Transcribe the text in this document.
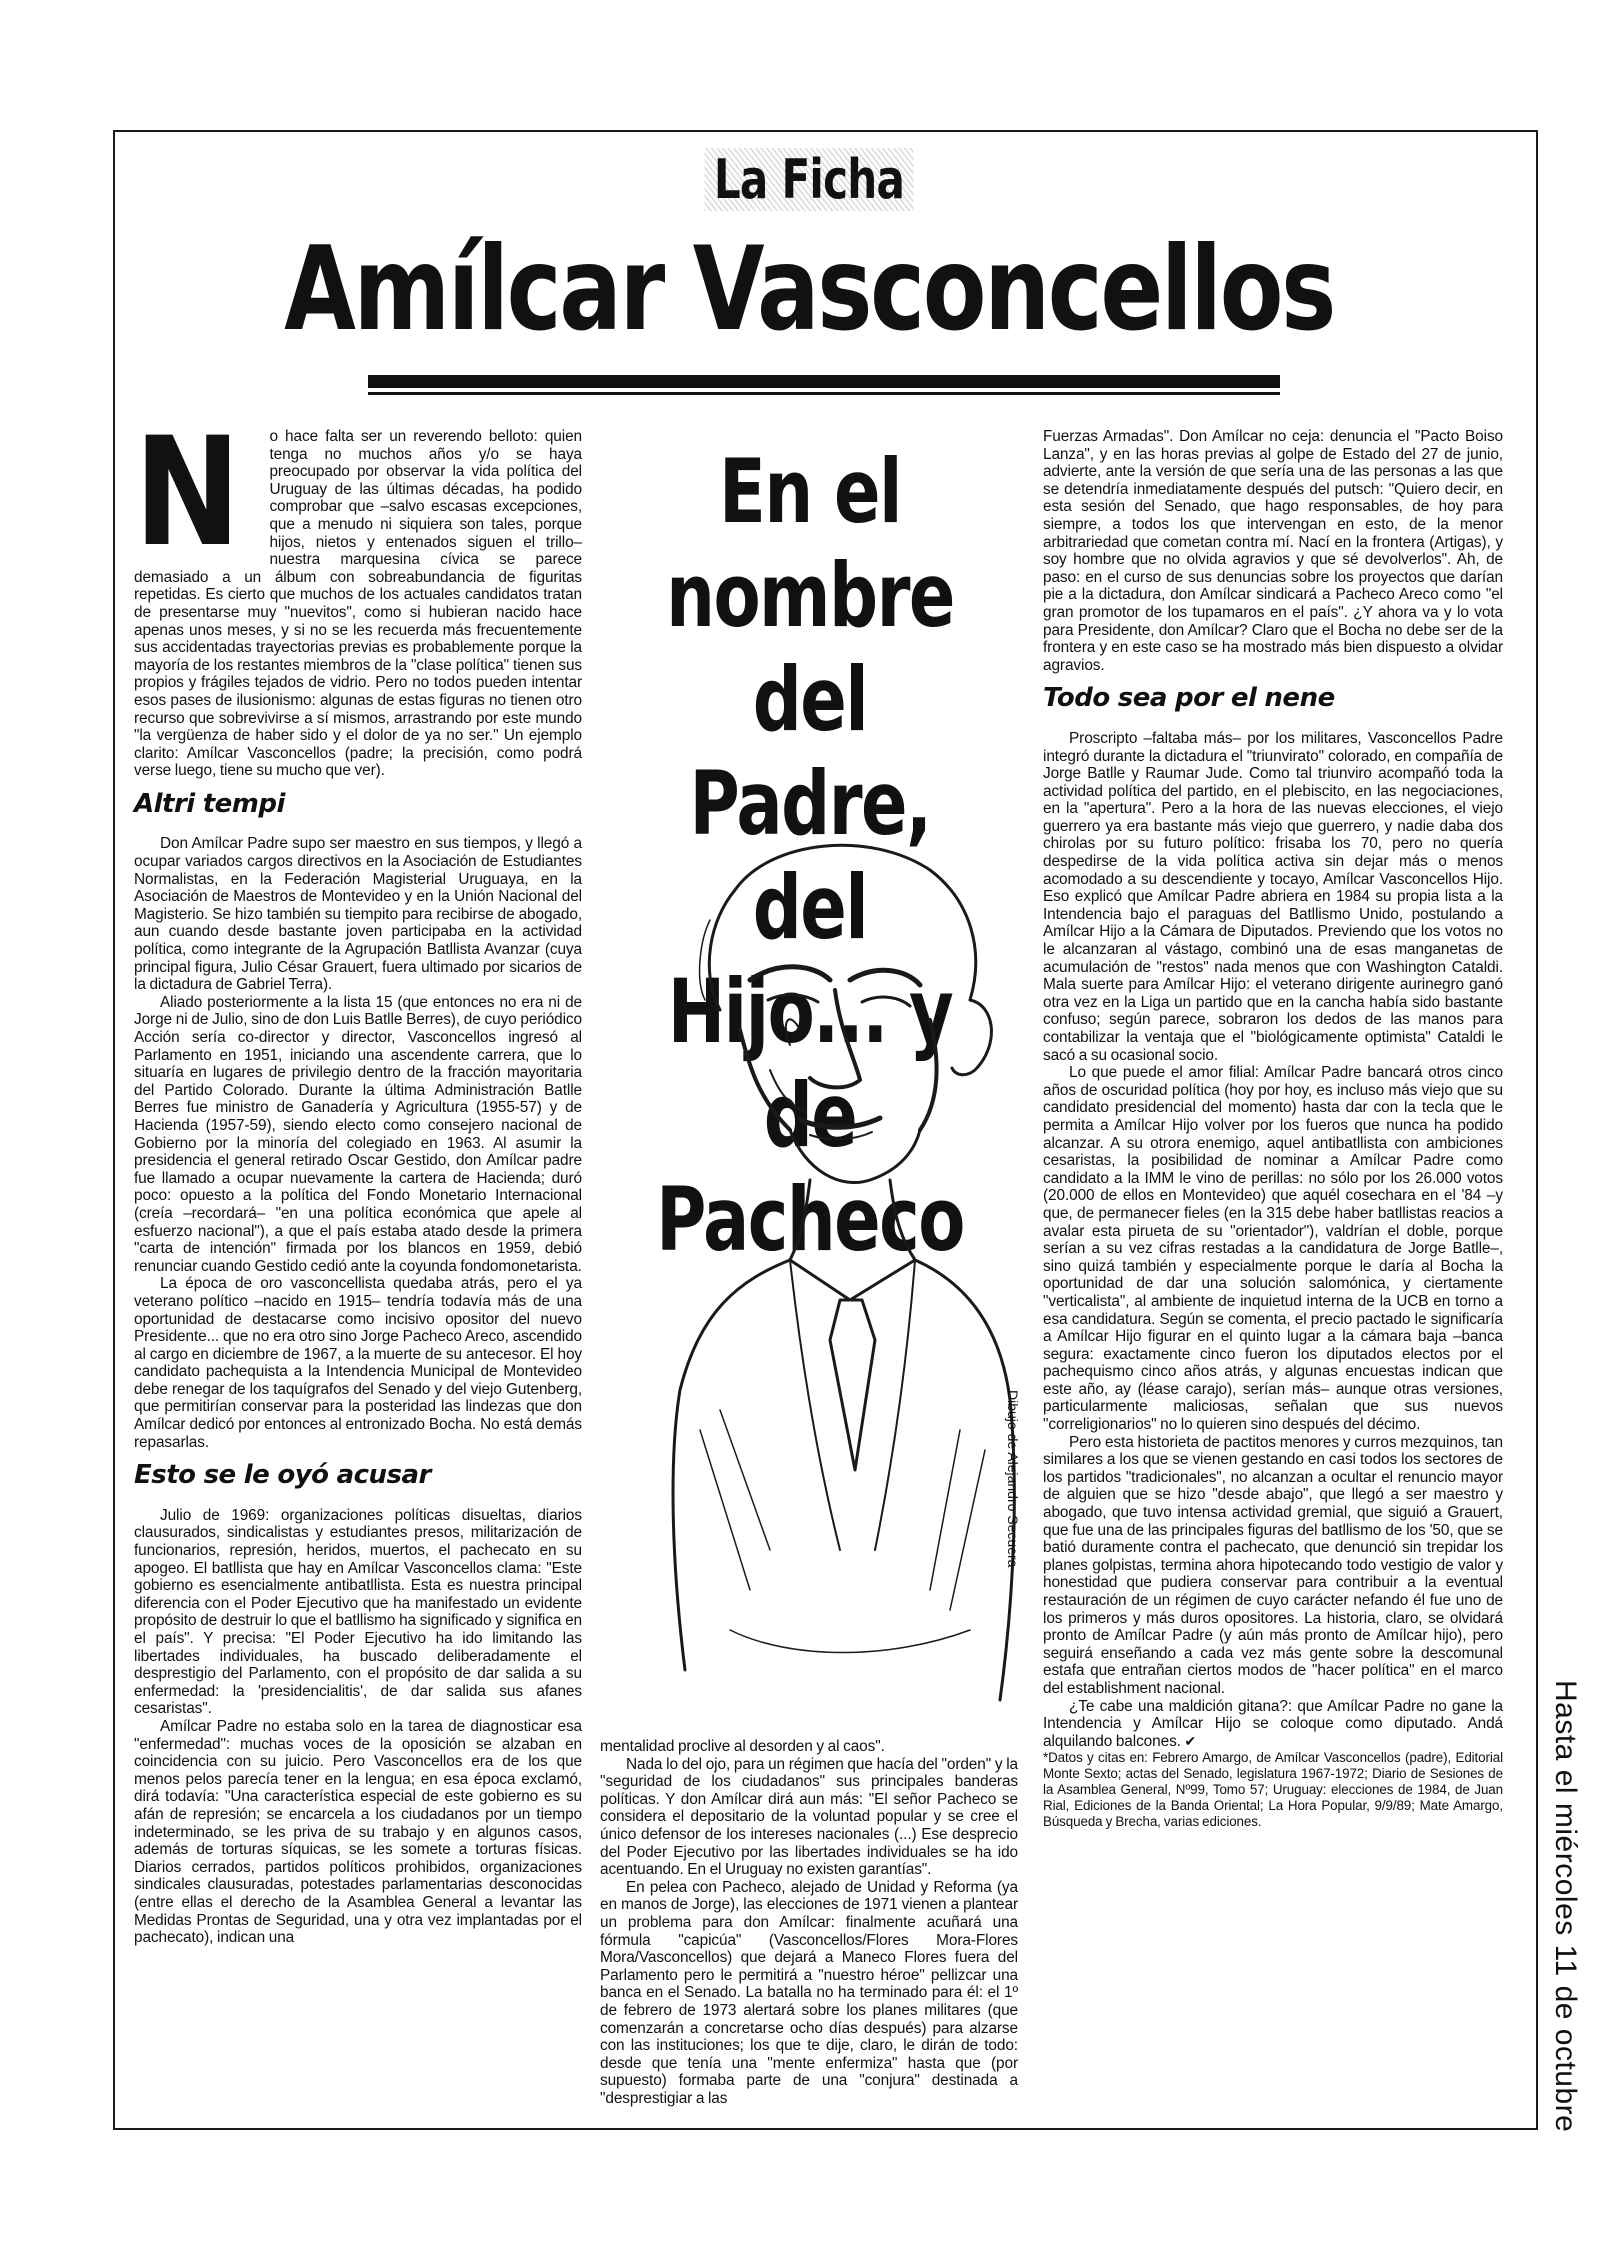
La Ficha
Amílcar Vasconcellos

N o hace falta ser un reverendo belloto: quien tenga no muchos años y/o se haya preocupado por observar la vida política del Uruguay de las últimas décadas, ha podido comprobar que –salvo escasas excepciones, que a menudo ni siquiera son tales, porque hijos, nietos y entenados siguen el trillo– nuestra marquesina cívica se parece demasiado a un álbum con sobreabundancia de figuritas repetidas. Es cierto que muchos de los actuales candidatos tratan de presentarse muy "nuevitos", como si hubieran nacido hace apenas unos meses, y si no se les recuerda más frecuentemente sus accidentadas trayectorias previas es probablemente porque la mayoría de los restantes miembros de la "clase política" tienen sus propios y frágiles tejados de vidrio. Pero no todos pueden intentar esos pases de ilusionismo: algunas de estas figuras no tienen otro recurso que sobrevivirse a sí mismos, arrastrando por este mundo "la vergüenza de haber sido y el dolor de ya no ser." Un ejemplo clarito: Amílcar Vasconcellos (padre; la precisión, como podrá verse luego, tiene su mucho que ver).

Altri tempi

Don Amílcar Padre supo ser maestro en sus tiempos, y llegó a ocupar variados cargos directivos en la Asociación de Estudiantes Normalistas, en la Federación Magisterial Uruguaya, en la Asociación de Maestros de Montevideo y en la Unión Nacional del Magisterio. Se hizo también su tiempito para recibirse de abogado, aun cuando desde bastante joven participaba en la actividad política, como integrante de la Agrupación Batllista Avanzar (cuya principal figura, Julio César Grauert, fuera ultimado por sicarios de la dictadura de Gabriel Terra).

Aliado posteriormente a la lista 15 (que entonces no era ni de Jorge ni de Julio, sino de don Luis Batlle Berres), de cuyo periódico Acción sería co-director y director, Vasconcellos ingresó al Parlamento en 1951, iniciando una ascendente carrera, que lo situaría en lugares de privilegio dentro de la fracción mayoritaria del Partido Colorado. Durante la última Administración Batlle Berres fue ministro de Ganadería y Agricultura (1955-57) y de Hacienda (1957-59), siendo electo como consejero nacional de Gobierno por la minoría del colegiado en 1963. Al asumir la presidencia el general retirado Oscar Gestido, don Amílcar padre fue llamado a ocupar nuevamente la cartera de Hacienda; duró poco: opuesto a la política del Fondo Monetario Internacional (creía –recordará– "en una política económica que apele al esfuerzo nacional"), a que el país estaba atado desde la primera "carta de intención" firmada por los blancos en 1959, debió renunciar cuando Gestido cedió ante la coyunda fondomonetarista.

La época de oro vasconcellista quedaba atrás, pero el ya veterano político –nacido en 1915– tendría todavía más de una oportunidad de destacarse como incisivo opositor del nuevo Presidente... que no era otro sino Jorge Pacheco Areco, ascendido al cargo en diciembre de 1967, a la muerte de su antecesor. El hoy candidato pachequista a la Intendencia Municipal de Montevideo debe renegar de los taquígrafos del Senado y del viejo Gutenberg, que permitirían conservar para la posteridad las lindezas que don Amílcar dedicó por entonces al entronizado Bocha. No está demás repasarlas.

Esto se le oyó acusar

Julio de 1969: organizaciones políticas disueltas, diarios clausurados, sindicalistas y estudiantes presos, militarización de funcionarios, represión, heridos, muertos, el pachecato en su apogeo. El batllista que hay en Amílcar Vasconcellos clama: "Este gobierno es esencialmente antibatllista. Esta es nuestra principal diferencia con el Poder Ejecutivo que ha manifestado un evidente propósito de destruir lo que el batllismo ha significado y significa en el país". Y precisa: "El Poder Ejecutivo ha ido limitando las libertades individuales, ha buscado deliberadamente el desprestigio del Parlamento, con el propósito de dar salida a su enfermedad: la 'presidencialitis', de dar salida sus afanes cesaristas".

Amílcar Padre no estaba solo en la tarea de diagnosticar esa "enfermedad": muchas voces de la oposición se alzaban en coincidencia con su juicio. Pero Vasconcellos era de los que menos pelos parecía tener en la lengua; en esa época exclamó, dirá todavía: "Una característica especial de este gobierno es su afán de represión; se encarcela a los ciudadanos por un tiempo indeterminado, se les priva de su trabajo y en algunos casos, además de torturas síquicas, se les somete a torturas físicas. Diarios cerrados, partidos políticos prohibidos, organizaciones sindicales clausuradas, potestades parlamentarias desconocidas (entre ellas el derecho de la Asamblea General a levantar las Medidas Prontas de Seguridad, una y otra vez implantadas por el pachecato), indican una

En el nombre
del Padre, del
Hijo... y de
Pacheco
Dibujo de Alejandro Secuera

mentalidad proclive al desorden y al caos".

Nada lo del ojo, para un régimen que hacía del "orden" y la "seguridad de los ciudadanos" sus principales banderas políticas. Y don Amílcar dirá aun más: "El señor Pacheco se considera el depositario de la voluntad popular y se cree el único defensor de los intereses nacionales (...) Ese desprecio del Poder Ejecutivo por las libertades individuales se ha ido acentuando. En el Uruguay no existen garantías".

En pelea con Pacheco, alejado de Unidad y Reforma (ya en manos de Jorge), las elecciones de 1971 vienen a plantear un problema para don Amílcar: finalmente acuñará una fórmula "capicúa" (Vasconcellos/Flores Mora-Flores Mora/Vasconcellos) que dejará a Maneco Flores fuera del Parlamento pero le permitirá a "nuestro héroe" pellizcar una banca en el Senado. La batalla no ha terminado para él: el 1º de febrero de 1973 alertará sobre los planes militares (que comenzarán a concretarse ocho días después) para alzarse con las instituciones; los que te dije, claro, le dirán de todo: desde que tenía una "mente enfermiza" hasta que (por supuesto) formaba parte de una "conjura" destinada a "desprestigiar a las

Fuerzas Armadas". Don Amílcar no ceja: denuncia el "Pacto Boiso Lanza", y en las horas previas al golpe de Estado del 27 de junio, advierte, ante la versión de que sería una de las personas a las que se detendría inmediatamente después del putsch: "Quiero decir, en esta sesión del Senado, que hago responsables, de hoy para siempre, a todos los que intervengan en esto, de la menor arbitrariedad que cometan contra mí. Nací en la frontera (Artigas), y soy hombre que no olvida agravios y que sé devolverlos". Ah, de paso: en el curso de sus denuncias sobre los proyectos que darían pie a la dictadura, don Amílcar sindicará a Pacheco Areco como "el gran promotor de los tupamaros en el país". ¿Y ahora va y lo vota para Presidente, don Amílcar? Claro que el Bocha no debe ser de la frontera y en este caso se ha mostrado más bien dispuesto a olvidar agravios.

Todo sea por el nene

Proscripto –faltaba más– por los militares, Vasconcellos Padre integró durante la dictadura el "triunvirato" colorado, en compañía de Jorge Batlle y Raumar Jude. Como tal triunviro acompañó toda la actividad política del partido, en el plebiscito, en las negociaciones, en la "apertura". Pero a la hora de las nuevas elecciones, el viejo guerrero ya era bastante más viejo que guerrero, y nadie daba dos chirolas por su futuro político: frisaba los 70, pero no quería despedirse de la vida política activa sin dejar más o menos acomodado a su descendiente y tocayo, Amílcar Vasconcellos Hijo. Eso explicó que Amílcar Padre abriera en 1984 su propia lista a la Intendencia bajo el paraguas del Batllismo Unido, postulando a Amílcar Hijo a la Cámara de Diputados. Previendo que los votos no le alcanzaran al vástago, combinó una de esas manganetas de acumulación de "restos" nada menos que con Washington Cataldi. Mala suerte para Amílcar Hijo: el veterano dirigente aurinegro ganó otra vez en la Liga un partido que en la cancha había sido bastante confuso; según parece, sobraron los dedos de las manos para contabilizar la ventaja que el "biológicamente optimista" Cataldi le sacó a su ocasional socio.

Lo que puede el amor filial: Amílcar Padre bancará otros cinco años de oscuridad política (hoy por hoy, es incluso más viejo que su candidato presidencial del momento) hasta dar con la tecla que le permita a Amílcar Hijo volver por los fueros que nunca ha podido alcanzar. A su otrora enemigo, aquel antibatllista con ambiciones cesaristas, la posibilidad de nominar a Amílcar Padre como candidato a la IMM le vino de perillas: no sólo por los 26.000 votos (20.000 de ellos en Montevideo) que aquél cosechara en el '84 –y que, de permanecer fieles (en la 315 debe haber batllistas reacios a avalar esta pirueta de su "orientador"), valdrían el doble, porque serían a su vez cifras restadas a la candidatura de Jorge Batlle–, sino quizá también y especialmente porque le daría al Bocha la oportunidad de dar una solución salomónica, y ciertamente "verticalista", al ambiente de inquietud interna de la UCB en torno a esa candidatura. Según se comenta, el precio pactado le significaría a Amílcar Hijo figurar en el quinto lugar a la cámara baja –banca segura: exactamente cinco fueron los diputados electos por el pachequismo cinco años atrás, y algunas encuestas indican que este año, ay (léase carajo), serían más– aunque otras versiones, particularmente maliciosas, señalan que sus nuevos "correligionarios" no lo quieren sino después del décimo.

Pero esta historieta de pactitos menores y curros mezquinos, tan similares a los que se vienen gestando en casi todos los sectores de los partidos "tradicionales", no alcanzan a ocultar el renuncio mayor de alguien que se hizo "desde abajo", que llegó a ser maestro y abogado, que tuvo intensa actividad gremial, que siguió a Grauert, que fue una de las principales figuras del batllismo de los '50, que se batió duramente contra el pachecato, que denunció sin trepidar los planes golpistas, termina ahora hipotecando todo vestigio de valor y honestidad que pudiera conservar para contribuir a la eventual restauración de un régimen de cuyo carácter nefando él fue uno de los primeros y más duros opositores. La historia, claro, se olvidará pronto de Amílcar Padre (y aún más pronto de Amílcar hijo), pero seguirá enseñando a cada vez más gente sobre la descomunal estafa que entrañan ciertos modos de "hacer política" en el marco del establishment nacional.

¿Te cabe una maldición gitana?: que Amílcar Padre no gane la Intendencia y Amílcar Hijo se coloque como diputado. Andá alquilando balcones. ✔

*Datos y citas en: Febrero Amargo, de Amílcar Vasconcellos (padre), Editorial Monte Sexto; actas del Senado, legislatura 1967-1972; Diario de Sesiones de la Asamblea General, Nº99, Tomo 57; Uruguay: elecciones de 1984, de Juan Rial, Ediciones de la Banda Oriental; La Hora Popular, 9/9/89; Mate Amargo, Búsqueda y Brecha, varias ediciones.	Hasta el miércoles 11 de octubre
